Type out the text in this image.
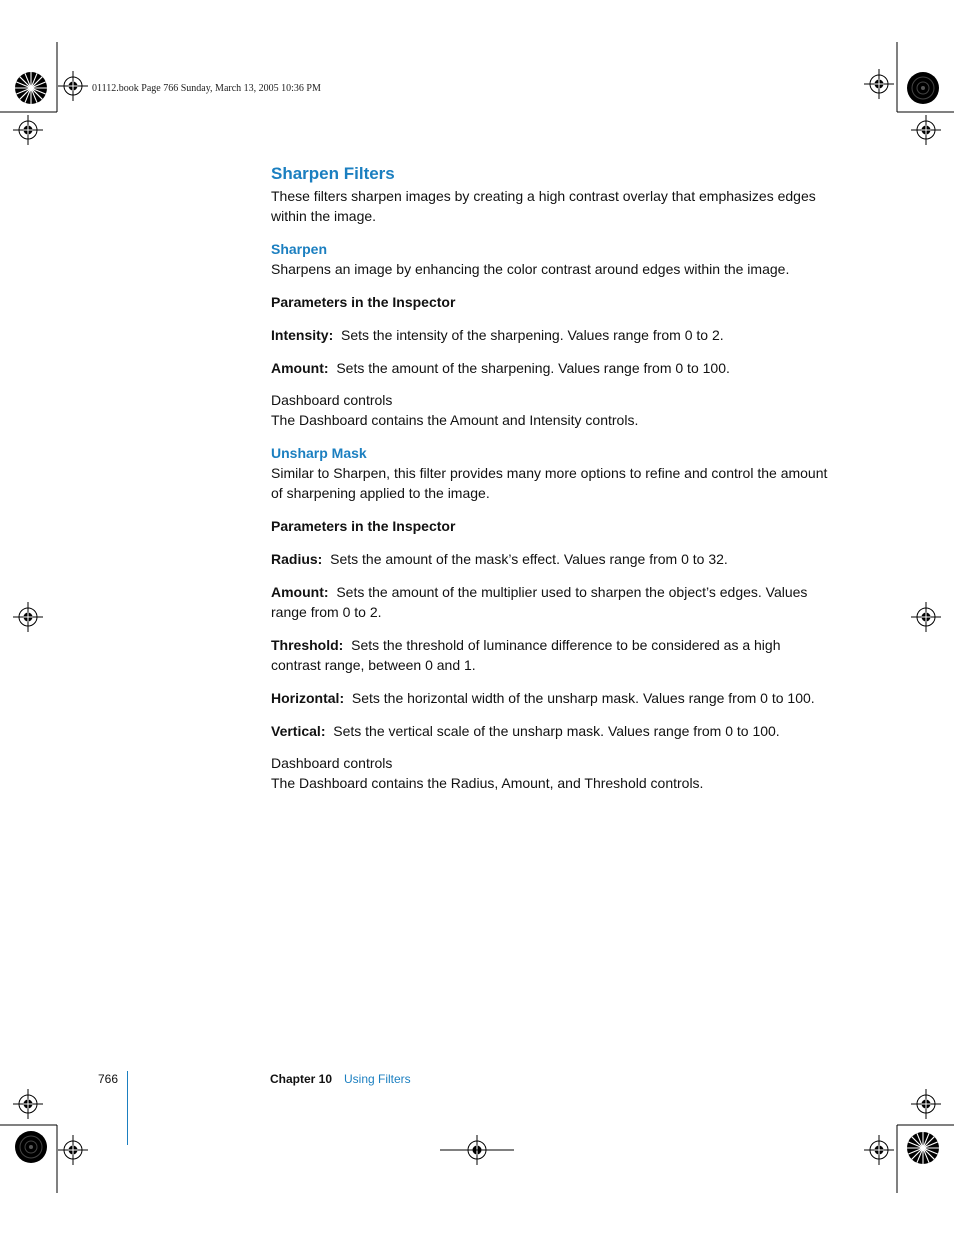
01112.book Page 766 Sunday, March 13, 2005 10:36 PM
Sharpen Filters

These filters sharpen images by creating a high contrast overlay that emphasizes edges within the image.

Sharpen

Sharpens an image by enhancing the color contrast around edges within the image.

Parameters in the Inspector

Intensity: Sets the intensity of the sharpening. Values range from 0 to 2.

Amount: Sets the amount of the sharpening. Values range from 0 to 100.

Dashboard controls

The Dashboard contains the Amount and Intensity controls.

Unsharp Mask

Similar to Sharpen, this filter provides many more options to refine and control the amount of sharpening applied to the image.

Parameters in the Inspector

Radius: Sets the amount of the mask’s effect. Values range from 0 to 32.

Amount: Sets the amount of the multiplier used to sharpen the object’s edges. Values range from 0 to 2.

Threshold: Sets the threshold of luminance difference to be considered as a high contrast range, between 0 and 1.

Horizontal: Sets the horizontal width of the unsharp mask. Values range from 0 to 100.

Vertical: Sets the vertical scale of the unsharp mask. Values range from 0 to 100.

Dashboard controls

The Dashboard contains the Radius, Amount, and Threshold controls.

766	Chapter 10 Using Filters
